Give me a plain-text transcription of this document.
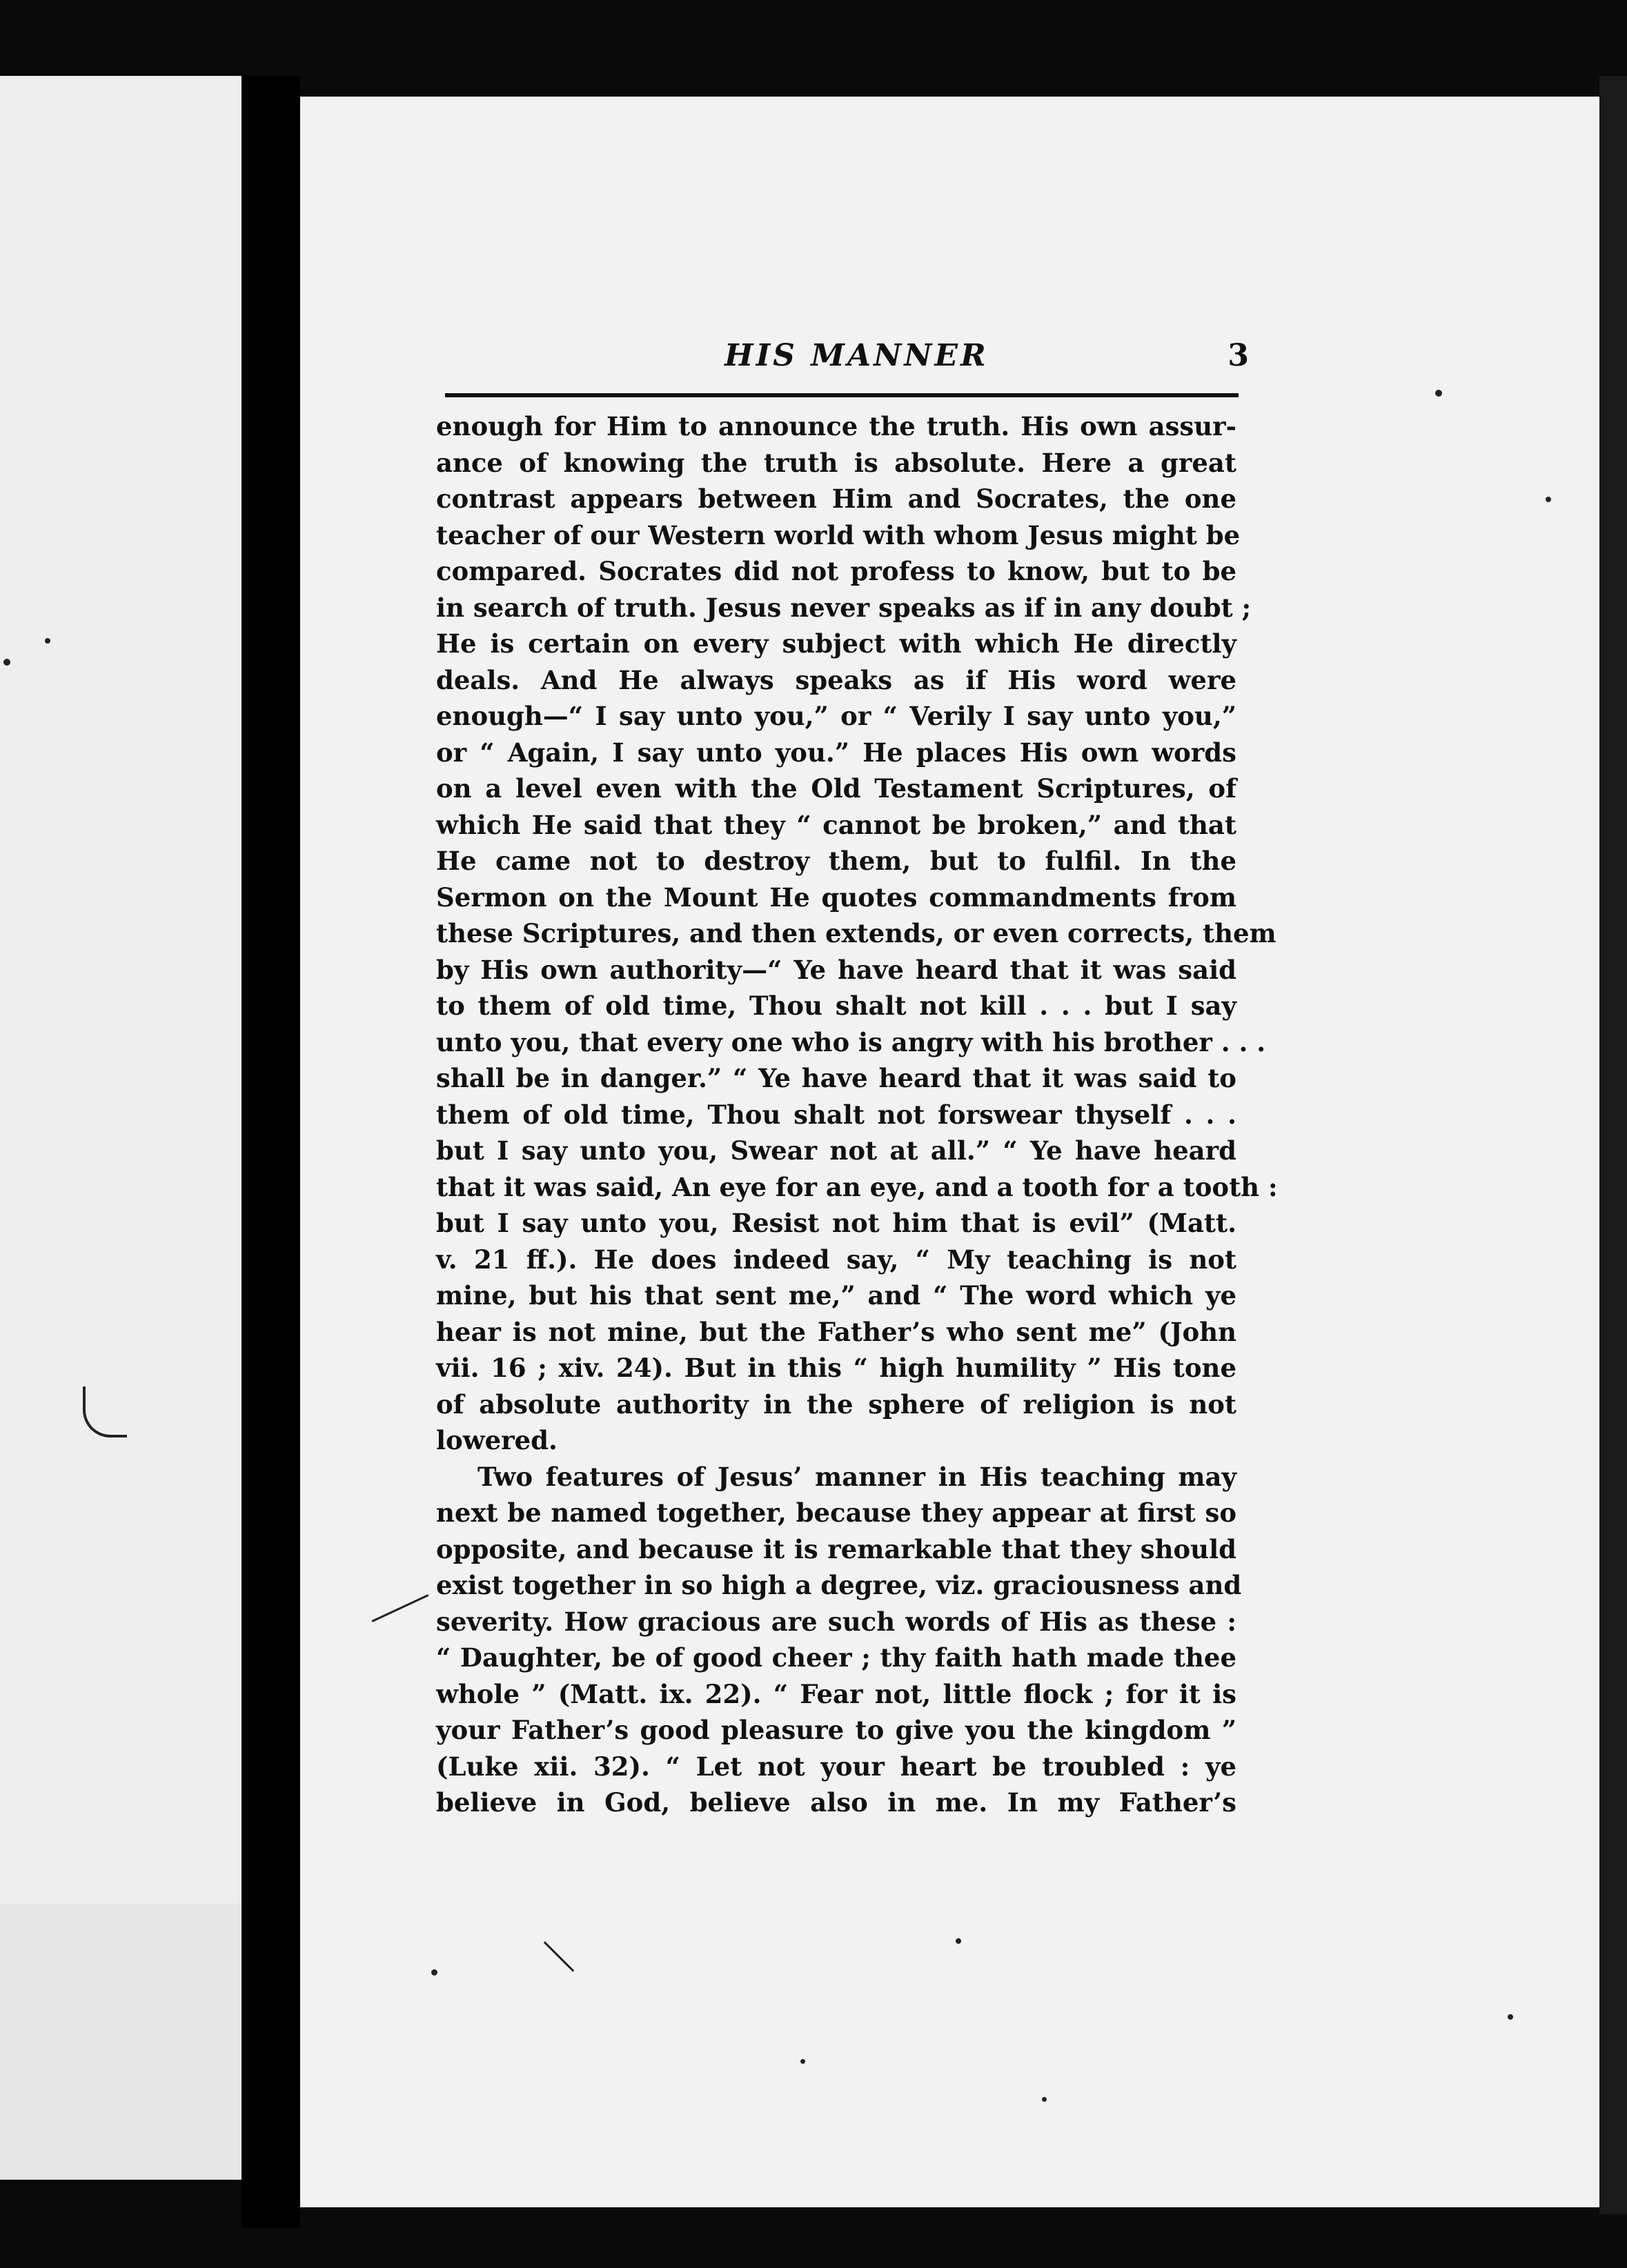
HIS MANNER	3
enough for Him to announce the truth. His own assur-
ance of knowing the truth is absolute. Here a great
contrast appears between Him and Socrates, the one
teacher of our Western world with whom Jesus might be
compared. Socrates did not profess to know, but to be
in search of truth. Jesus never speaks as if in any doubt ;
He is certain on every subject with which He directly
deals. And He always speaks as if His word were
enough—“ I say unto you,” or “ Verily I say unto you,”
or “ Again, I say unto you.” He places His own words
on a level even with the Old Testament Scriptures, of
which He said that they “ cannot be broken,” and that
He came not to destroy them, but to fulfil. In the
Sermon on the Mount He quotes commandments from
these Scriptures, and then extends, or even corrects, them
by His own authority—“ Ye have heard that it was said
to them of old time, Thou shalt not kill . . . but I say
unto you, that every one who is angry with his brother . . .
shall be in danger.” “ Ye have heard that it was said to
them of old time, Thou shalt not forswear thyself . . .
but I say unto you, Swear not at all.” “ Ye have heard
that it was said, An eye for an eye, and a tooth for a tooth :
but I say unto you, Resist not him that is evil” (Matt.
v. 21 ff.). He does indeed say, “ My teaching is not
mine, but his that sent me,” and “ The word which ye
hear is not mine, but the Father’s who sent me” (John
vii. 16 ; xiv. 24). But in this “ high humility ” His tone
of absolute authority in the sphere of religion is not
lowered.
Two features of Jesus’ manner in His teaching may
next be named together, because they appear at first so
opposite, and because it is remarkable that they should
exist together in so high a degree, viz. graciousness and
severity. How gracious are such words of His as these :
“ Daughter, be of good cheer ; thy faith hath made thee
whole ” (Matt. ix. 22). “ Fear not, little flock ; for it is
your Father’s good pleasure to give you the kingdom ”
(Luke xii. 32). “ Let not your heart be troubled : ye
believe in God, believe also in me. In my Father’s
